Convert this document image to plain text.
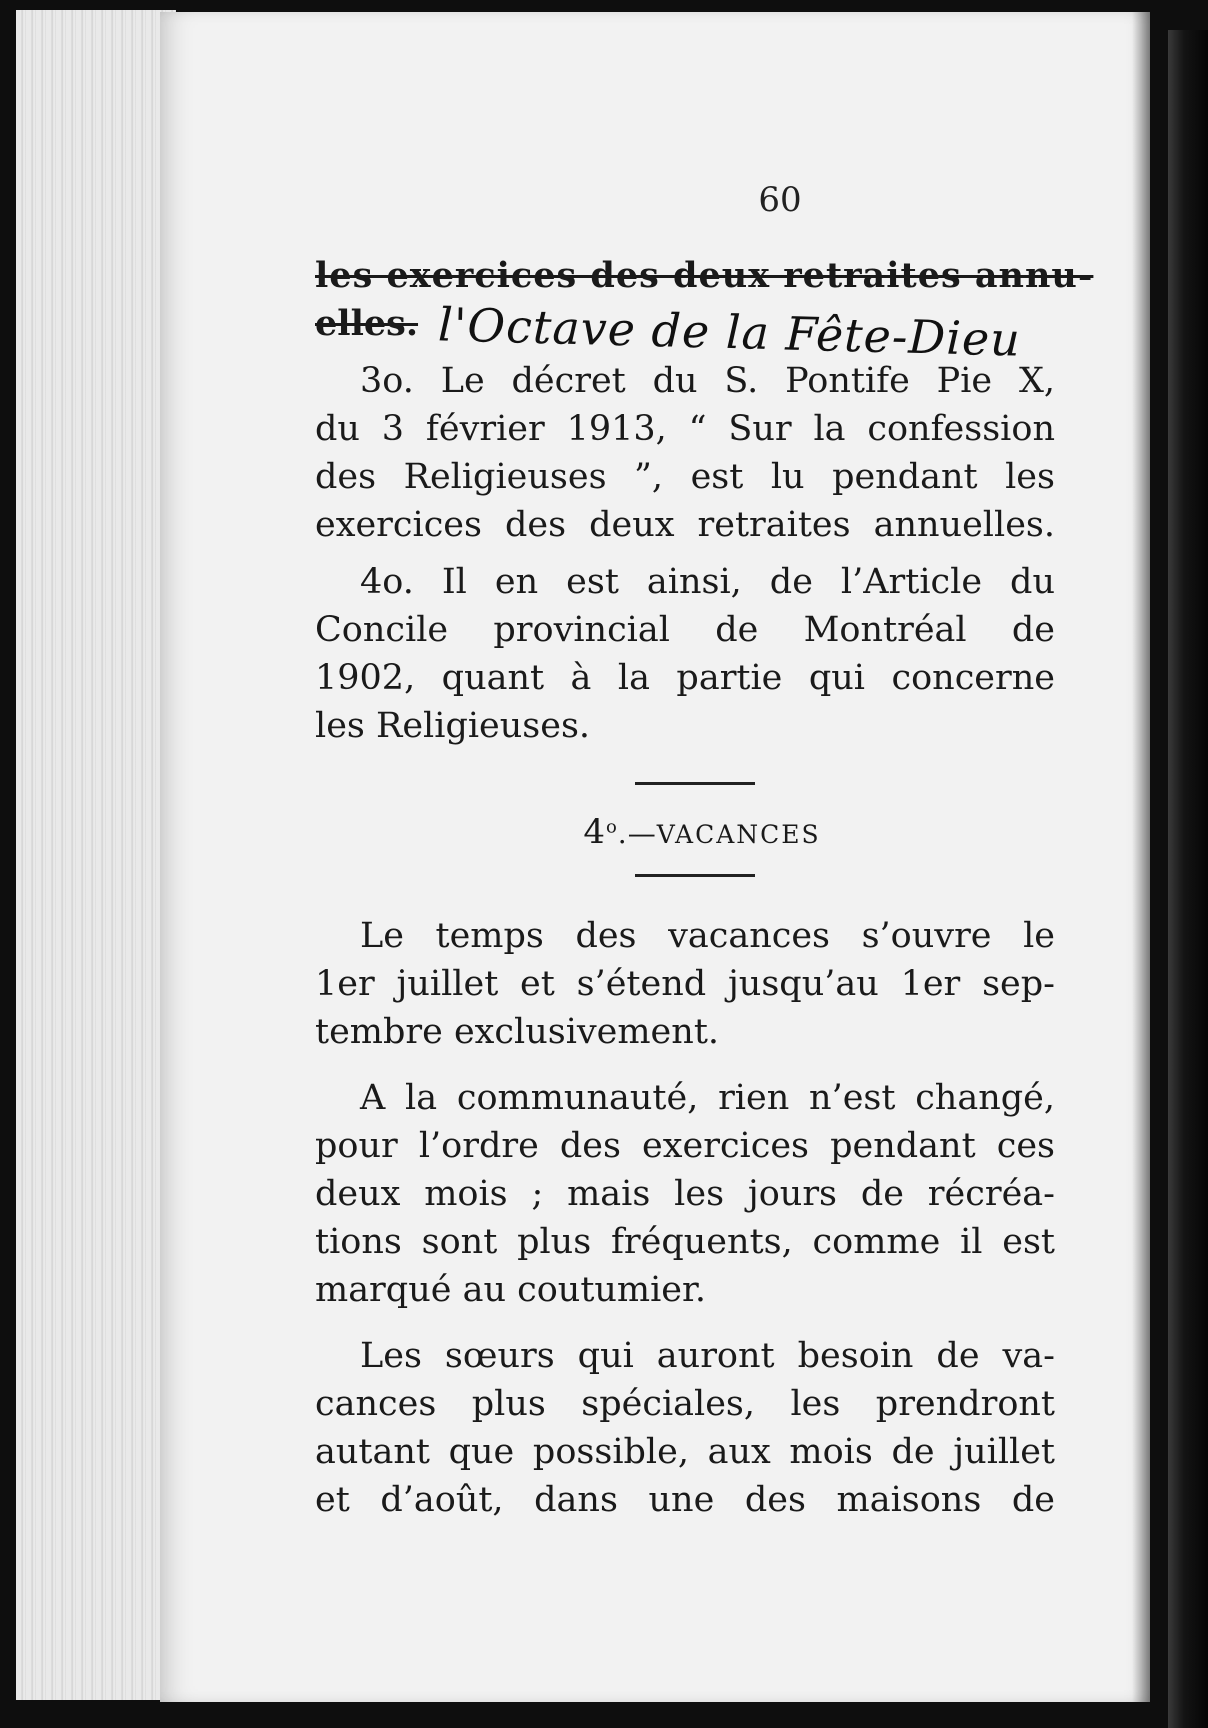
60
les exercices des deux retraites annu-
elles. l'Octave de la Fête-Dieu
3o. Le décret du S. Pontife Pie X,
du 3 février 1913, “ Sur la confession
des Religieuses ”, est lu pendant les
exercices des deux retraites annuelles.
4o. Il en est ainsi, de l’Article du
Concile provincial de Montréal de
1902, quant à la partie qui concerne
les Religieuses.
4$^o$.—VACANCES
Le temps des vacances s’ouvre le
1er juillet et s’étend jusqu’au 1er sep-
tembre exclusivement.
A la communauté, rien n’est changé,
pour l’ordre des exercices pendant ces
deux mois ; mais les jours de récréa-
tions sont plus fréquents, comme il est
marqué au coutumier.
Les sœurs qui auront besoin de va-
cances plus spéciales, les prendront
autant que possible, aux mois de juillet
et d’août, dans une des maisons de
